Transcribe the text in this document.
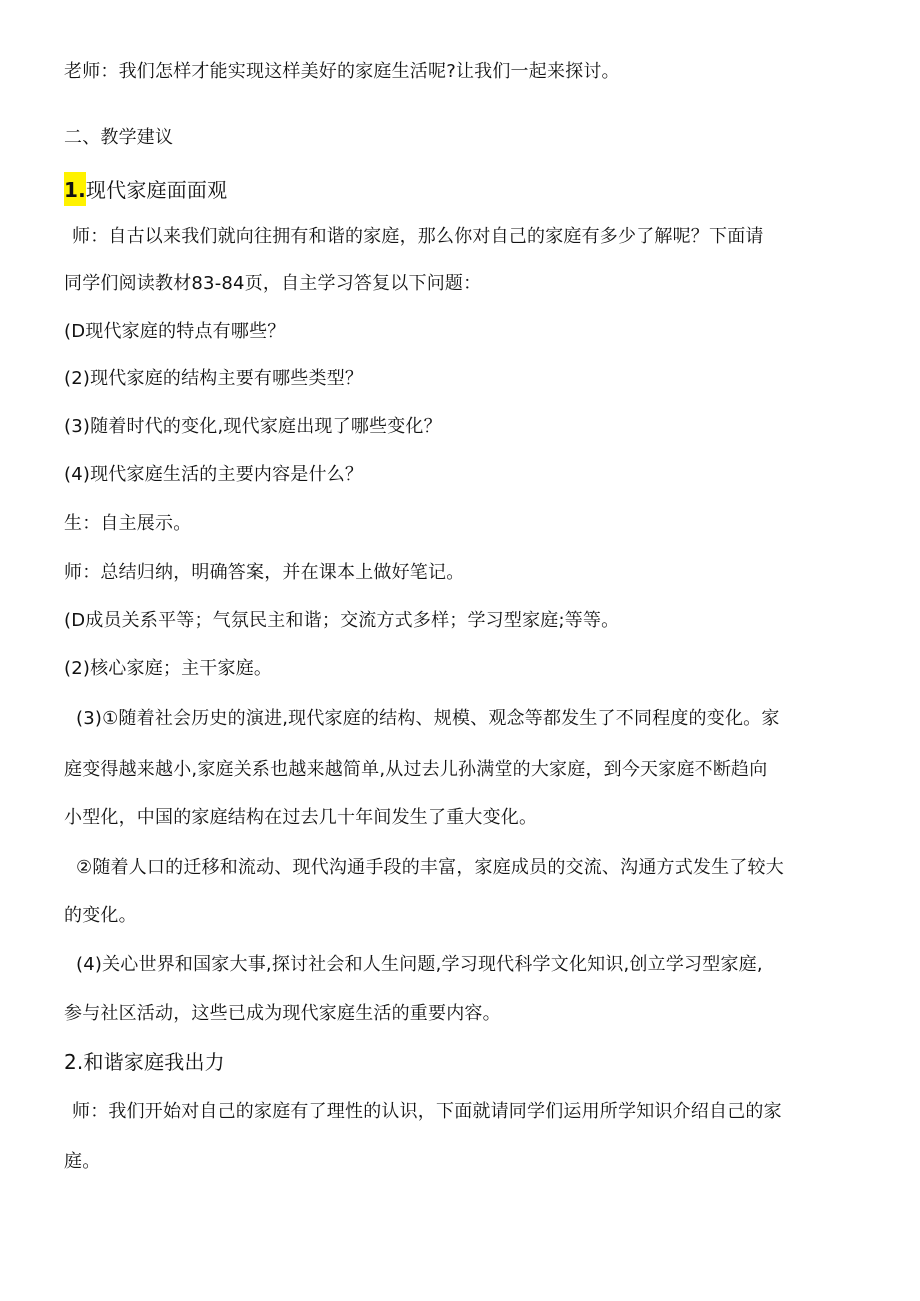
老师：我们怎样才能实现这样美好的家庭生活呢?让我们一起来探讨。
二、教学建议
1.现代家庭面面观
师：自古以来我们就向往拥有和谐的家庭，那么你对自己的家庭有多少了解呢？下面请
同学们阅读教材83-84页，自主学习答复以下问题：
(D现代家庭的特点有哪些？
(2)现代家庭的结构主要有哪些类型？
(3)随着时代的变化,现代家庭出现了哪些变化？
(4)现代家庭生活的主要内容是什么？
生：自主展示。
师：总结归纳，明确答案，并在课本上做好笔记。
(D成员关系平等；气氛民主和谐；交流方式多样；学习型家庭;等等。
(2)核心家庭；主干家庭。
(3)①随着社会历史的演进,现代家庭的结构、规模、观念等都发生了不同程度的变化。家
庭变得越来越小,家庭关系也越来越简单,从过去儿孙满堂的大家庭，到今天家庭不断趋向
小型化，中国的家庭结构在过去几十年间发生了重大变化。
②随着人口的迁移和流动、现代沟通手段的丰富，家庭成员的交流、沟通方式发生了较大
的变化。
(4)关心世界和国家大事,探讨社会和人生问题,学习现代科学文化知识,创立学习型家庭,
参与社区活动，这些已成为现代家庭生活的重要内容。
2.和谐家庭我出力
师：我们开始对自己的家庭有了理性的认识，下面就请同学们运用所学知识介绍自己的家
庭。
